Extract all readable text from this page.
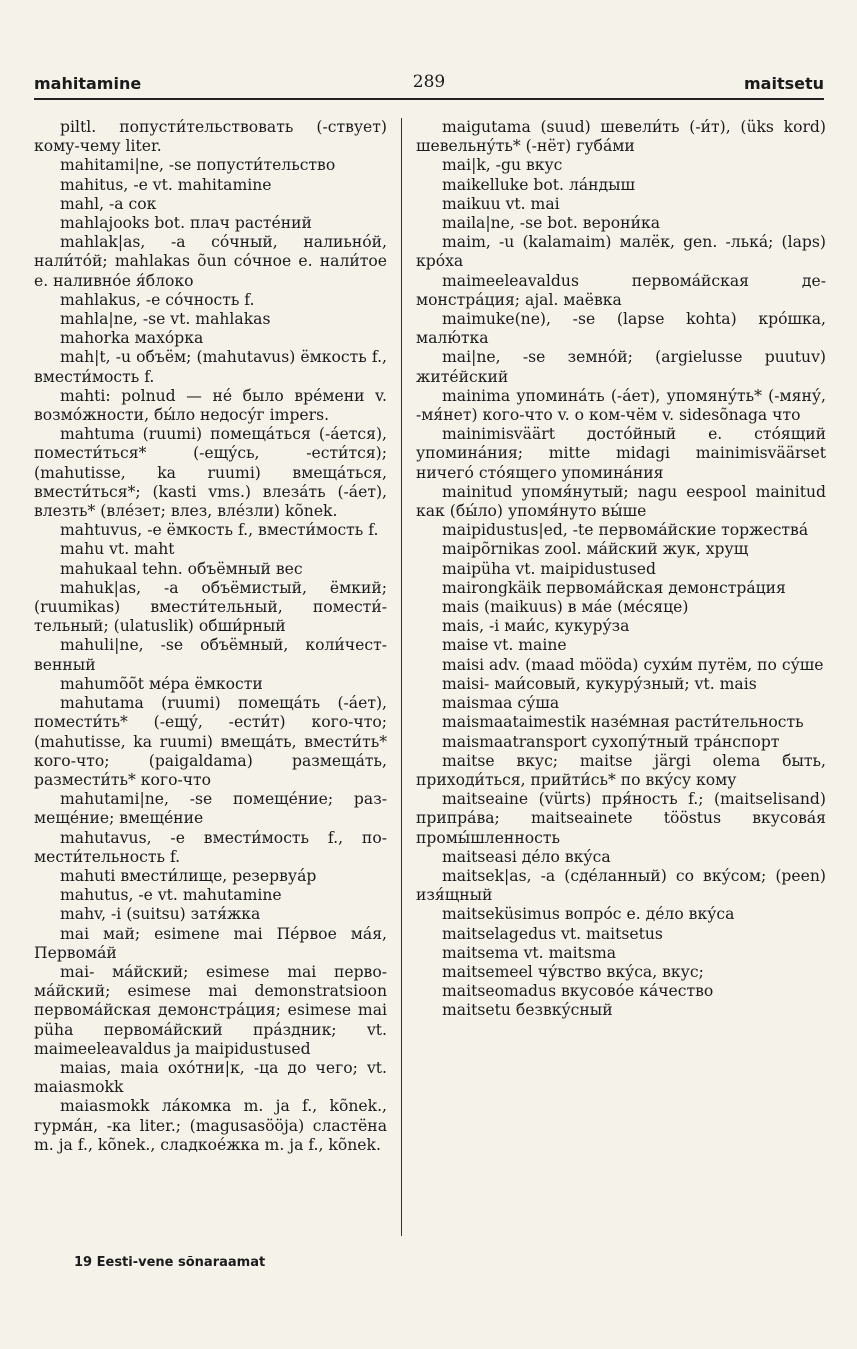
mahitamine	289	maitsetu

piltl. попусти́тельствовать (-ствует) кому-чему liter.

mahitami|ne, -se попусти́тельство

mahitus, -e vt. mahitamine

mahl, -a сок

mahlajooks bot. плач расте́ний

mahlak|as, -a со́чный, налиьно́й, нали́то́й; mahlakas õun со́чное е. нали́тое е. наливно́е я́блоко

mahlakus, -e со́чность f.

mahla|ne, -se vt. mahlakas

mahorka махо́рка

mah|t, -u объём; (mahutavus) ёмкость f., вмести́мость f.

mahti: polnud — не́ было вре́мени v. возмо́жности, бы́ло недосу́г impers.

mahtuma (ruumi) помеща́ться (-а́ется), помести́ться* (-ещу́сь, -ести́тся); (mahutisse, ka ruumi) вмеща́ться, вмести́ться*; (kasti vms.) влеза́ть (-а́ет), влезть* (вле́зет; влез, вле́зли) kõnek.

mahtuvus, -e ёмкость f., вмести́мость f.

mahu vt. maht

mahukaal tehn. объёмный вес

mahuk|as, -a объёмистый, ёмкий; (ruumikas) вмести́тельный, помести́тельный; (ulatuslik) обши́рный

mahuli|ne, -se объёмный, коли́чественный

mahumõõt ме́ра ёмкости

mahutama (ruumi) помеща́ть (-а́ет), помести́ть* (-ещу́, -ести́т) кого-что; (mahutisse, ka ruumi) вмеща́ть, вмести́ть* кого-что; (paigaldama) размеща́ть, размести́ть* кого-что

mahutami|ne, -se помеще́ние; размеще́ние; вмеще́ние

mahutavus, -e вмести́мость f., помести́тельность f.

mahuti вмести́лище, резервуа́р

mahutus, -e vt. mahutamine

mahv, -i (suitsu) затя́жка

mai май; esimene mai Пе́рвое ма́я, Первома́й

mai- ма́йский; esimese mai первома́йский; esimese mai demonstratsioon первома́йская демонстра́ция; esimese mai püha первома́йский пра́здник; vt. maimeeleavaldus ja maipidustused

maias, maia охо́тни|к, -ца до чего; vt. maiasmokk

maiasmokk ла́комка m. ja f., kõnek., гурма́н, -ка liter.; (magusasööja) сластёна m. ja f., kõnek., сладкое́жка m. ja f., kõnek.

maigutama (suud) шевели́ть (-и́т), (üks kord) шевельну́ть* (-нёт) губа́ми

mai|k, -gu вкус

maikelluke bot. ла́ндыш

maikuu vt. mai

maila|ne, -se bot. верони́ка

maim, -u (kalamaim) малёк, gen. -лька́; (laps) кро́ха

maimeeleavaldus первома́йская демонстра́ция; ajal. маёвка

maimuke(ne), -se (lapse kohta) кро́шка, малю́тка

mai|ne, -se земно́й; (argielusse puutuv) жите́йский

mainima упомина́ть (-а́ет), упомяну́ть* (-мяну́, -мя́нет) кого-что v. о ком-чём v. sidesõnaga что

mainimisväärt досто́йный е. сто́ящий упомина́ния; mitte midagi mainimisväärset ничего́ сто́ящего упомина́ния

mainitud упомя́нутый; nagu eespool mainitud как (бы́ло) упомя́нуто вы́ше

maipidustus|ed, -te первома́йские торжества́

maipõrnikas zool. ма́йский жук, хрущ

maipüha vt. maipidustused

mairongkäik первома́йская демонстра́ция

mais (maikuus) в ма́е (ме́сяце)

mais, -i маи́с, кукуру́за

maise vt. maine

maisi adv. (maad mööda) сухи́м путём, по су́ше

maisi- маи́совый, кукуру́зный; vt. mais

maismaa су́ша

maismaataimestik назе́мная расти́тельность

maismaatransport сухопу́тный тра́нспорт

maitse вкус; maitse järgi olema быть, приходи́ться, прийти́сь* по вку́су кому

maitseaine (vürts) пря́ность f.; (maitselisand) припра́ва; maitseainete tööstus вкусова́я промы́шленность

maitseasi де́ло вку́са

maitsek|as, -a (сде́ланный) со вку́сом; (peen) изя́щный

maitseküsimus вопро́с е. де́ло вку́са

maitselagedus vt. maitsetus

maitsema vt. maitsma

maitsemeel чу́вство вку́са, вкус;

maitseomadus вкусово́е ка́чество

maitsetu безвку́сный

19 Eesti-vene sõnaraamat
